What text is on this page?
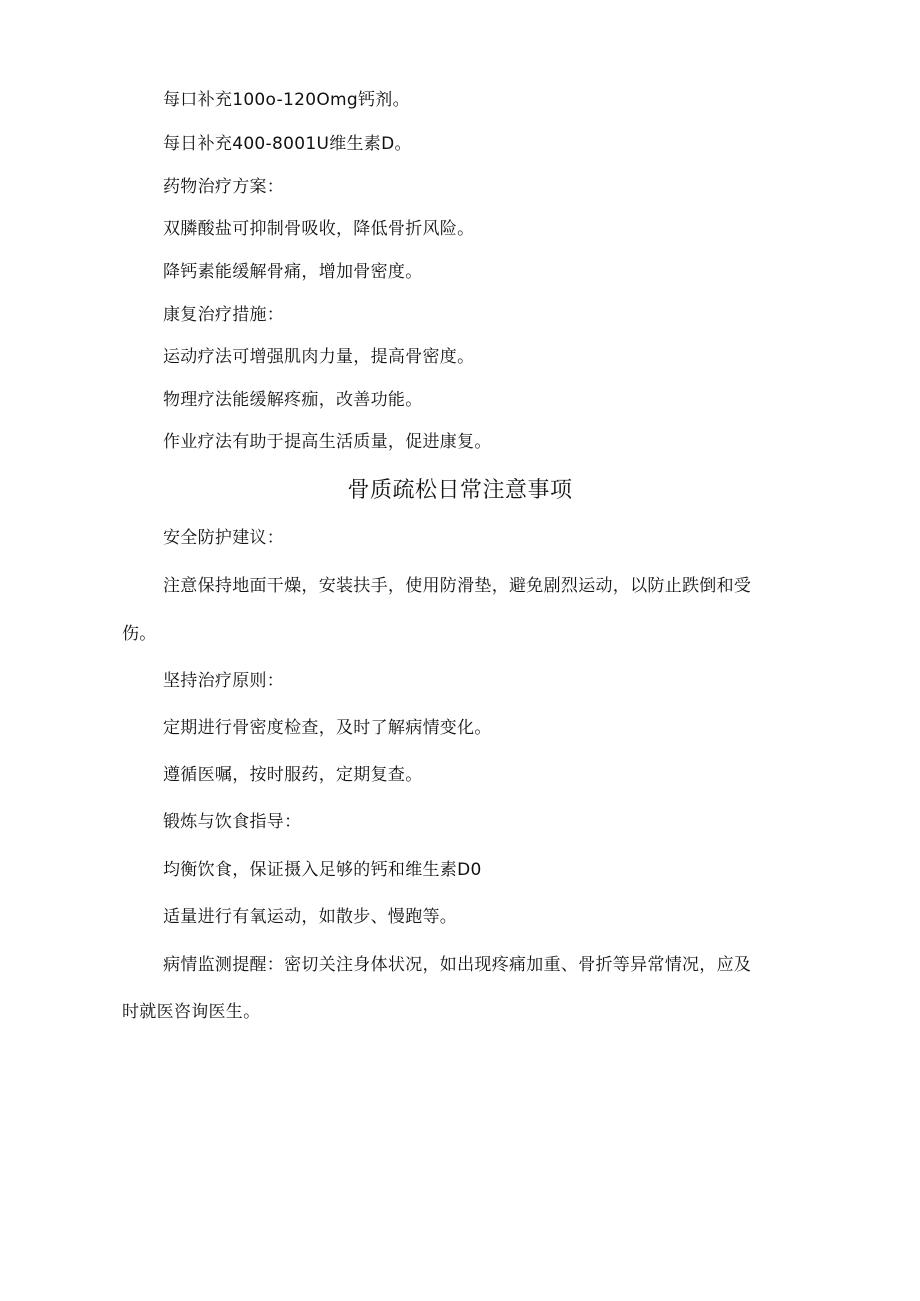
每口补充100o-120Omg钙剂。
每日补充400-8001U维生素D。
药物治疗方案：
双膦酸盐可抑制骨吸收，降低骨折风险。
降钙素能缓解骨痛，增加骨密度。
康复治疗措施：
运动疗法可增强肌肉力量，提高骨密度。
物理疗法能缓解疼痂，改善功能。
作业疗法有助于提高生活质量，促进康复。
骨质疏松日常注意事项
安全防护建议：
注意保持地面干燥，安装扶手，使用防滑垫，避免剧烈运动，以防止跌倒和受
伤。
坚持治疗原则：
定期进行骨密度检查，及时了解病情变化。
遵循医嘱，按时服药，定期复查。
锻炼与饮食指导：
均衡饮食，保证摄入足够的钙和维生素D0
适量进行有氧运动，如散步、慢跑等。
病情监测提醒：密切关注身体状况，如出现疼痛加重、骨折等异常情况，应及
时就医咨询医生。
